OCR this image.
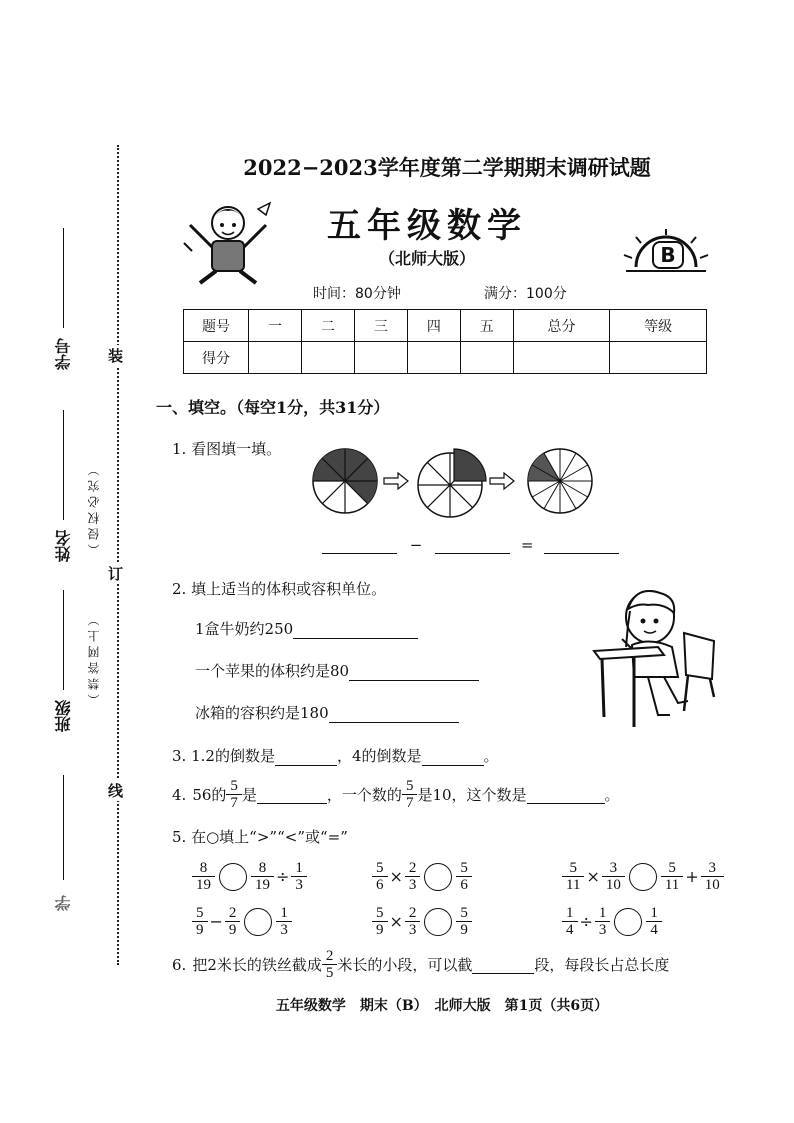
学号
姓名 （侵权必究）
班级
（禁答网上）
学
装
订
线
2022−2023学年度第二学期期末调研试题
五年级数学
（北师大版）
时间：80分钟	满分：100分
B
题号	一	二	三	四	五	总分	等级
得分							
一、填空。（每空1分，共31分）
1. 看图填一填。
−	=
2. 填上适当的体积或容积单位。
1盒牛奶约250
一个苹果的体积约是80
冰箱的容积约是180
3. 1.2的倒数是	，4的倒数是	。
4. 56的 $\frac{5}{7}$ 是	，一个数的 $\frac{5}{7}$ 是10，这个数是	。
5. 在○填上“>”“<”或“=”
$\frac{8}{19}$	$\frac{8}{19} \div \frac{1}{3}$	$\frac{5}{6} \times \frac{2}{3}$	$\frac{5}{6}$	$\frac{5}{11} \times \frac{3}{10}$	$\frac{5}{11} + \frac{3}{10}$
$\frac{5}{9} - \frac{2}{9}$	$\frac{1}{3}$	$\frac{5}{9} \times \frac{2}{3}$	$\frac{5}{9}$	$\frac{1}{4} \div \frac{1}{3}$	$\frac{1}{4}$
6. 把2米长的铁丝截成 $\frac{2}{5}$ 米长的小段，可以截	段，每段长占总长度
五年级数学　期末（B）　北师大版　第1页（共6页）
